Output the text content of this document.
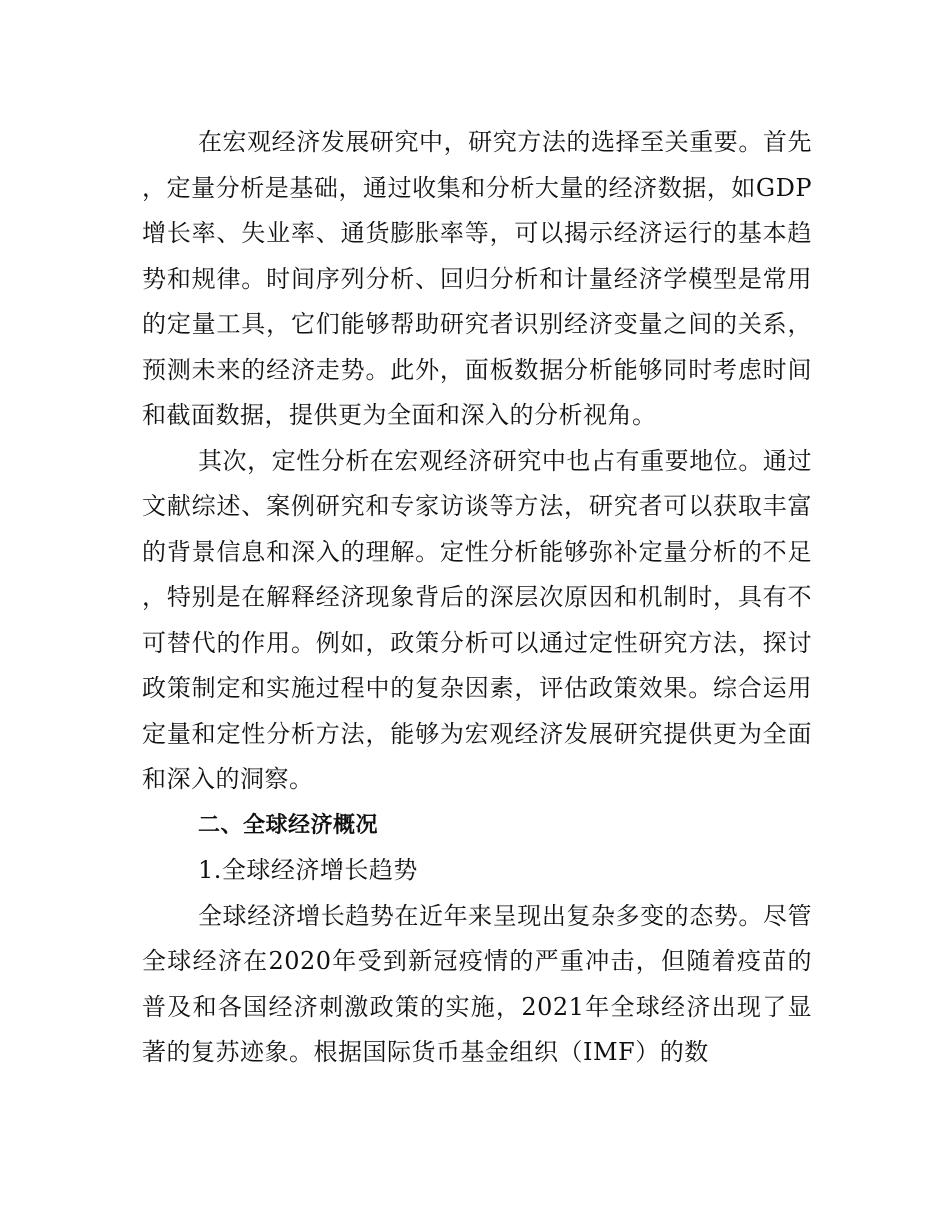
在宏观经济发展研究中，研究方法的选择至关重要。首先，定量分析是基础，通过收集和分析大量的经济数据，如GDP增长率、失业率、通货膨胀率等，可以揭示经济运行的基本趋势和规律。时间序列分析、回归分析和计量经济学模型是常用的定量工具，它们能够帮助研究者识别经济变量之间的关系，预测未来的经济走势。此外，面板数据分析能够同时考虑时间和截面数据，提供更为全面和深入的分析视角。

其次，定性分析在宏观经济研究中也占有重要地位。通过文献综述、案例研究和专家访谈等方法，研究者可以获取丰富的背景信息和深入的理解。定性分析能够弥补定量分析的不足，特别是在解释经济现象背后的深层次原因和机制时，具有不可替代的作用。例如，政策分析可以通过定性研究方法，探讨政策制定和实施过程中的复杂因素，评估政策效果。综合运用定量和定性分析方法，能够为宏观经济发展研究提供更为全面和深入的洞察。

二、全球经济概况

1.全球经济增长趋势

全球经济增长趋势在近年来呈现出复杂多变的态势。尽管全球经济在2020年受到新冠疫情的严重冲击，但随着疫苗的普及和各国经济刺激政策的实施，2021年全球经济出现了显著的复苏迹象。根据国际货币基金组织（IMF）的数
